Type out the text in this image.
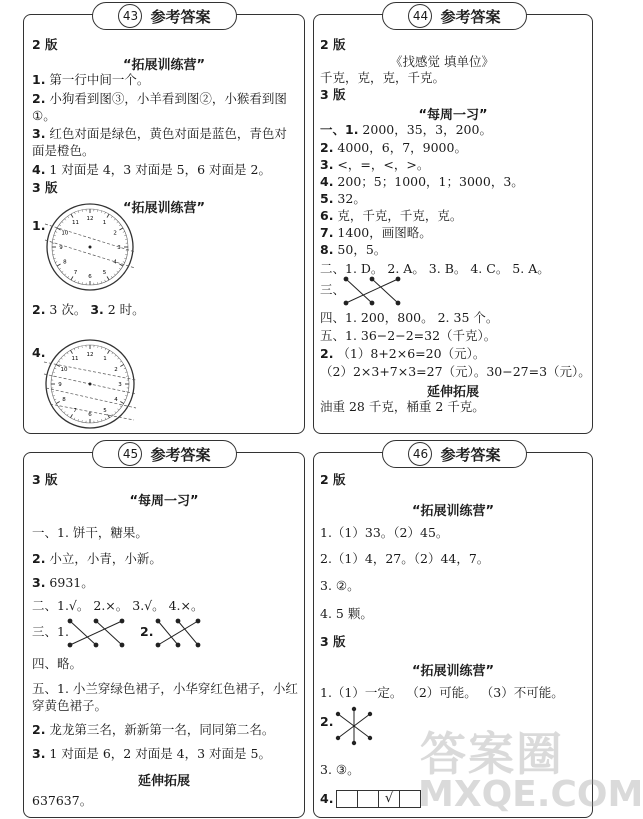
43 参考答案
2 版
“拓展训练营”
1. 第一行中间一个。
2. 小狗看到图③，小羊看到图②，小猴看到图
①。
3. 红色对面是绿色，黄色对面是蓝色，青色对
面是橙色。
4. 1 对面是 4，3 对面是 5，6 对面是 2。
3 版
“拓展训练营”
1.	12
1
2
3
4
5
6
7
8
9
10
11
2. 3 次。 3. 2 时。
4.	12
1
2
3
4
5
6
7
8
9
10
11
44 参考答案
2 版
《找感觉 填单位》
千克，克，克，千克。
3 版
“每周一习”
一、1. 2000，35，3，200。
2. 4000，6，7，9000。
3. <，=，<，>。
4. 200；5；1000，1；3000，3。
5. 32。
6. 克，千克，千克，克。
7. 1400，画图略。
8. 50，5。
二、1. D。 2. A。 3. B。 4. C。 5. A。
三、
四、1. 200，800。 2. 35 个。
五、1. 36−2−2=32（千克）。
2. （1）8+2×6=20（元）。
（2）2×3+7×3=27（元）。30−27=3（元）。
延伸拓展
油重 28 千克，桶重 2 千克。
45 参考答案
3 版
“每周一习”
一、1. 饼干，糖果。
2. 小立，小青，小新。
3. 6931。
二、1.√。 2.×。 3.√。 4.×。
三、1.	2.
四、略。
五、1. 小兰穿绿色裙子，小华穿红色裙子，小红
穿黄色裙子。
2. 龙龙第三名，新新第一名，同同第二名。
3. 1 对面是 6，2 对面是 4，3 对面是 5。
延伸拓展
637637。
46 参考答案
2 版
“拓展训练营”
1.（1）33。（2）45。
2.（1）4，27。（2）44，7。
3. ②。
4. 5 颗。
3 版
“拓展训练营”
1.（1）一定。 （2）可能。 （3）不可能。
2.
3. ③。
4.	√
答案圈
MXQE.COM
